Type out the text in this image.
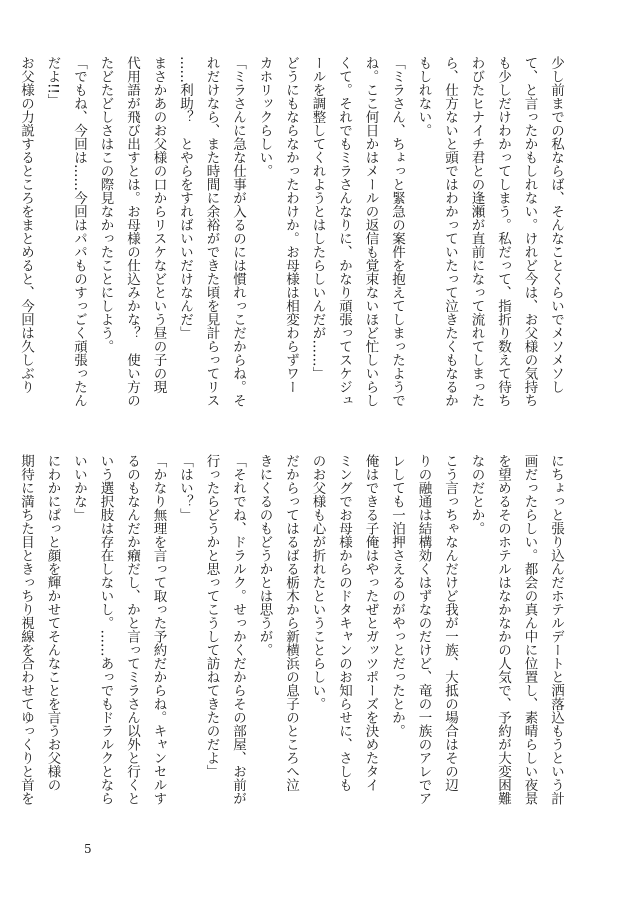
少し前までの私ならば、そんなことくらいでメソメソし
て、と言ったかもしれない。けれど今は、お父様の気持ち
も少しだけわかってしまう。私だって、指折り数えて待ち
わびたヒナイチ君との逢瀬が直前になって流れてしまった
ら、仕方ないと頭ではわかっていたって泣きたくもなるか
もしれない。
「ミラさん、ちょっと緊急の案件を抱えてしまったようで
ね。ここ何日かはメールの返信も覚束ないほど忙しいらし
くて。それでもミラさんなりに、かなり頑張ってスケジュ
ールを調整してくれようとはしたらしいんだが……」
どうにもならなかったわけか。お母様は相変わらずワー
カホリックらしい。
「ミラさんに急な仕事が入るのには慣れっこだからね。そ
れだけなら、また時間に余裕ができた頃を見計らってリス
……利助？　とやらをすればいいだけなんだ」
まさかあのお父様の口からリスケなどという昼の子の現
代用語が飛び出すとは。お母様の仕込みかな？　使い方の
たどたどしさはこの際見なかったことにしよう。
「でもね、今回は……今回はパパものすっごく頑張ったん
だよ!!」
お父様の力説するところをまとめると、今回は久しぶり
にちょっと張り込んだホテルデートと洒落込もうという計
画だったらしい。都会の真ん中に位置し、素晴らしい夜景
を望めるそのホテルはなかなかの人気で、予約が大変困難
なのだとか。
こう言っちゃなんだけど我が一族、大抵の場合はその辺
りの融通は結構効くはずなのだけど、竜の一族のアレでア
レしても一泊押さえるのがやっとだったとか。
俺はできる子俺はやったぜとガッツポーズを決めたタイ
ミングでお母様からのドタキャンのお知らせに、さしも
のお父様も心が折れたということらしい。
だからってはるばる栃木から新横浜の息子のところへ泣
きにくるのもどうかとは思うが。
「それでね、ドラルク。せっかくだからその部屋、お前が
行ったらどうかと思ってこうして訪ねてきたのだよ」
「はい？」
「かなり無理を言って取った予約だからね。キャンセルす
るのもなんだか癪だし、かと言ってミラさん以外と行くと
いう選択肢は存在しないし。……あっでもドラルクとなら
いいかな」
にわかにぱっと顔を輝かせてそんなことを言うお父様の
期待に満ちた目ときっちり視線を合わせてゆっくりと首を
5
